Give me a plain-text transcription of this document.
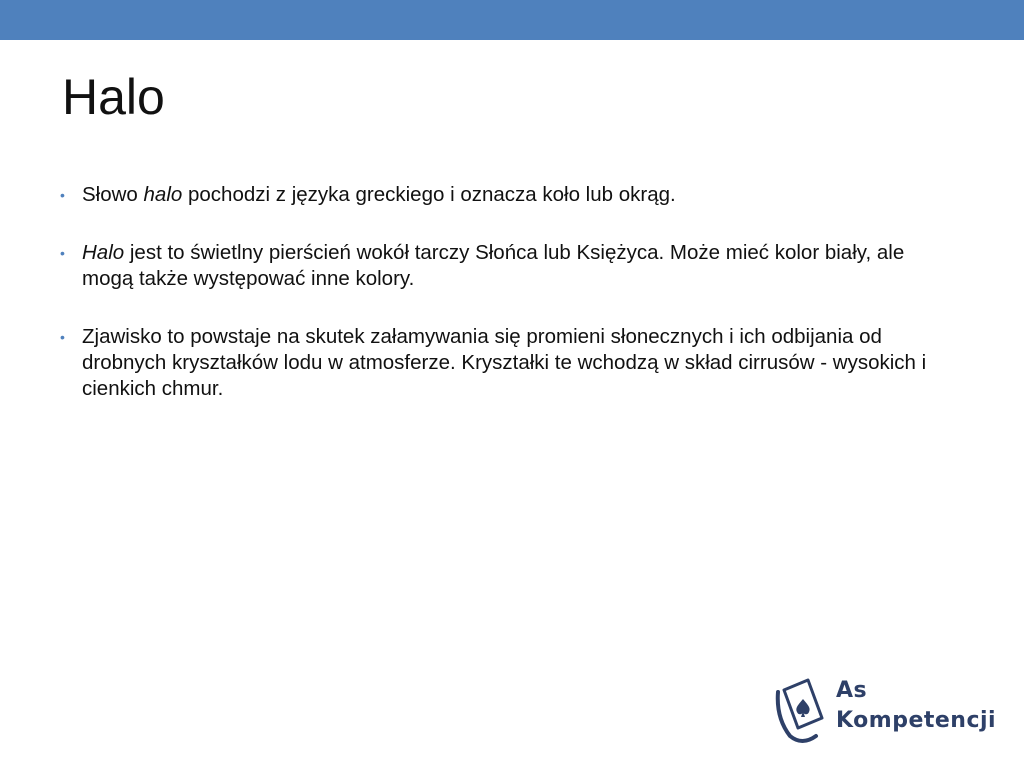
Halo
• Słowo halo pochodzi z języka greckiego i oznacza koło lub okrąg.
• Halo jest to świetlny pierścień wokół tarczy Słońca lub Księżyca. Może mieć kolor biały, ale mogą także występować inne kolory.
• Zjawisko to powstaje na skutek załamywania się promieni słonecznych i ich odbijania od drobnych kryształków lodu w atmosferze. Kryształki te wchodzą w skład cirrusów - wysokich i cienkich chmur.
As
Kompetencji
